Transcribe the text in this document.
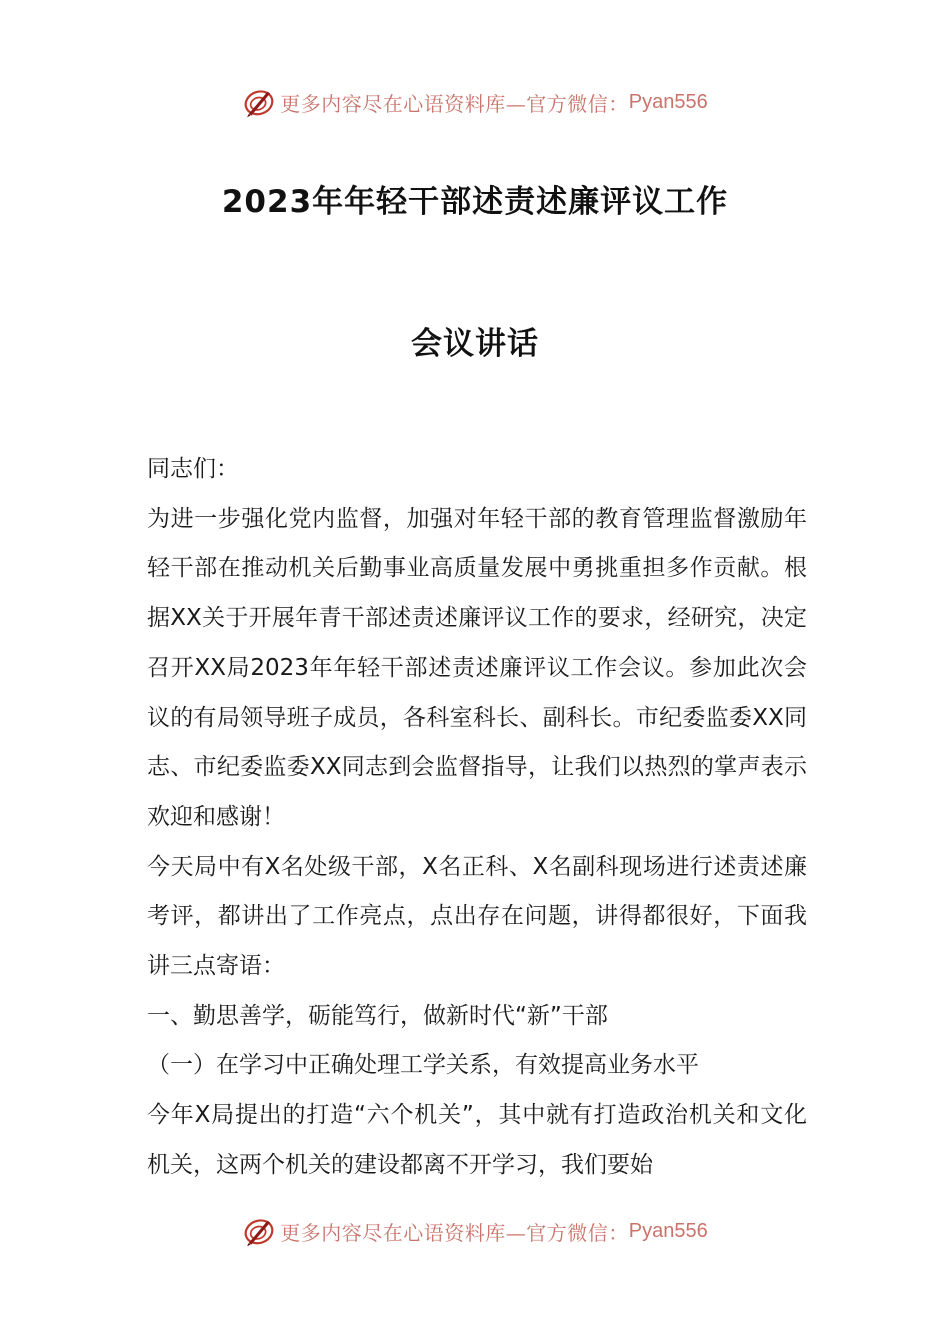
更多内容尽在心语资料库—官方微信： Pyan556
2023年年轻干部述责述廉评议工作
会议讲话

同志们：

为进一步强化党内监督，加强对年轻干部的教育管理监督激励年轻干部在推动机关后勤事业高质量发展中勇挑重担多作贡献。根据XX关于开展年青干部述责述廉评议工作的要求，经研究，决定召开XX局2023年年轻干部述责述廉评议工作会议。参加此次会议的有局领导班子成员，各科室科长、副科长。市纪委监委XX同志、市纪委监委XX同志到会监督指导，让我们以热烈的掌声表示欢迎和感谢！

今天局中有X名处级干部，X名正科、X名副科现场进行述责述廉考评，都讲出了工作亮点，点出存在问题，讲得都很好，下面我讲三点寄语：

一、勤思善学，砺能笃行，做新时代“新”干部

（一）在学习中正确处理工学关系，有效提高业务水平

今年X局提出的打造“六个机关”，其中就有打造政治机关和文化机关，这两个机关的建设都离不开学习，我们要始

更多内容尽在心语资料库—官方微信： Pyan556
